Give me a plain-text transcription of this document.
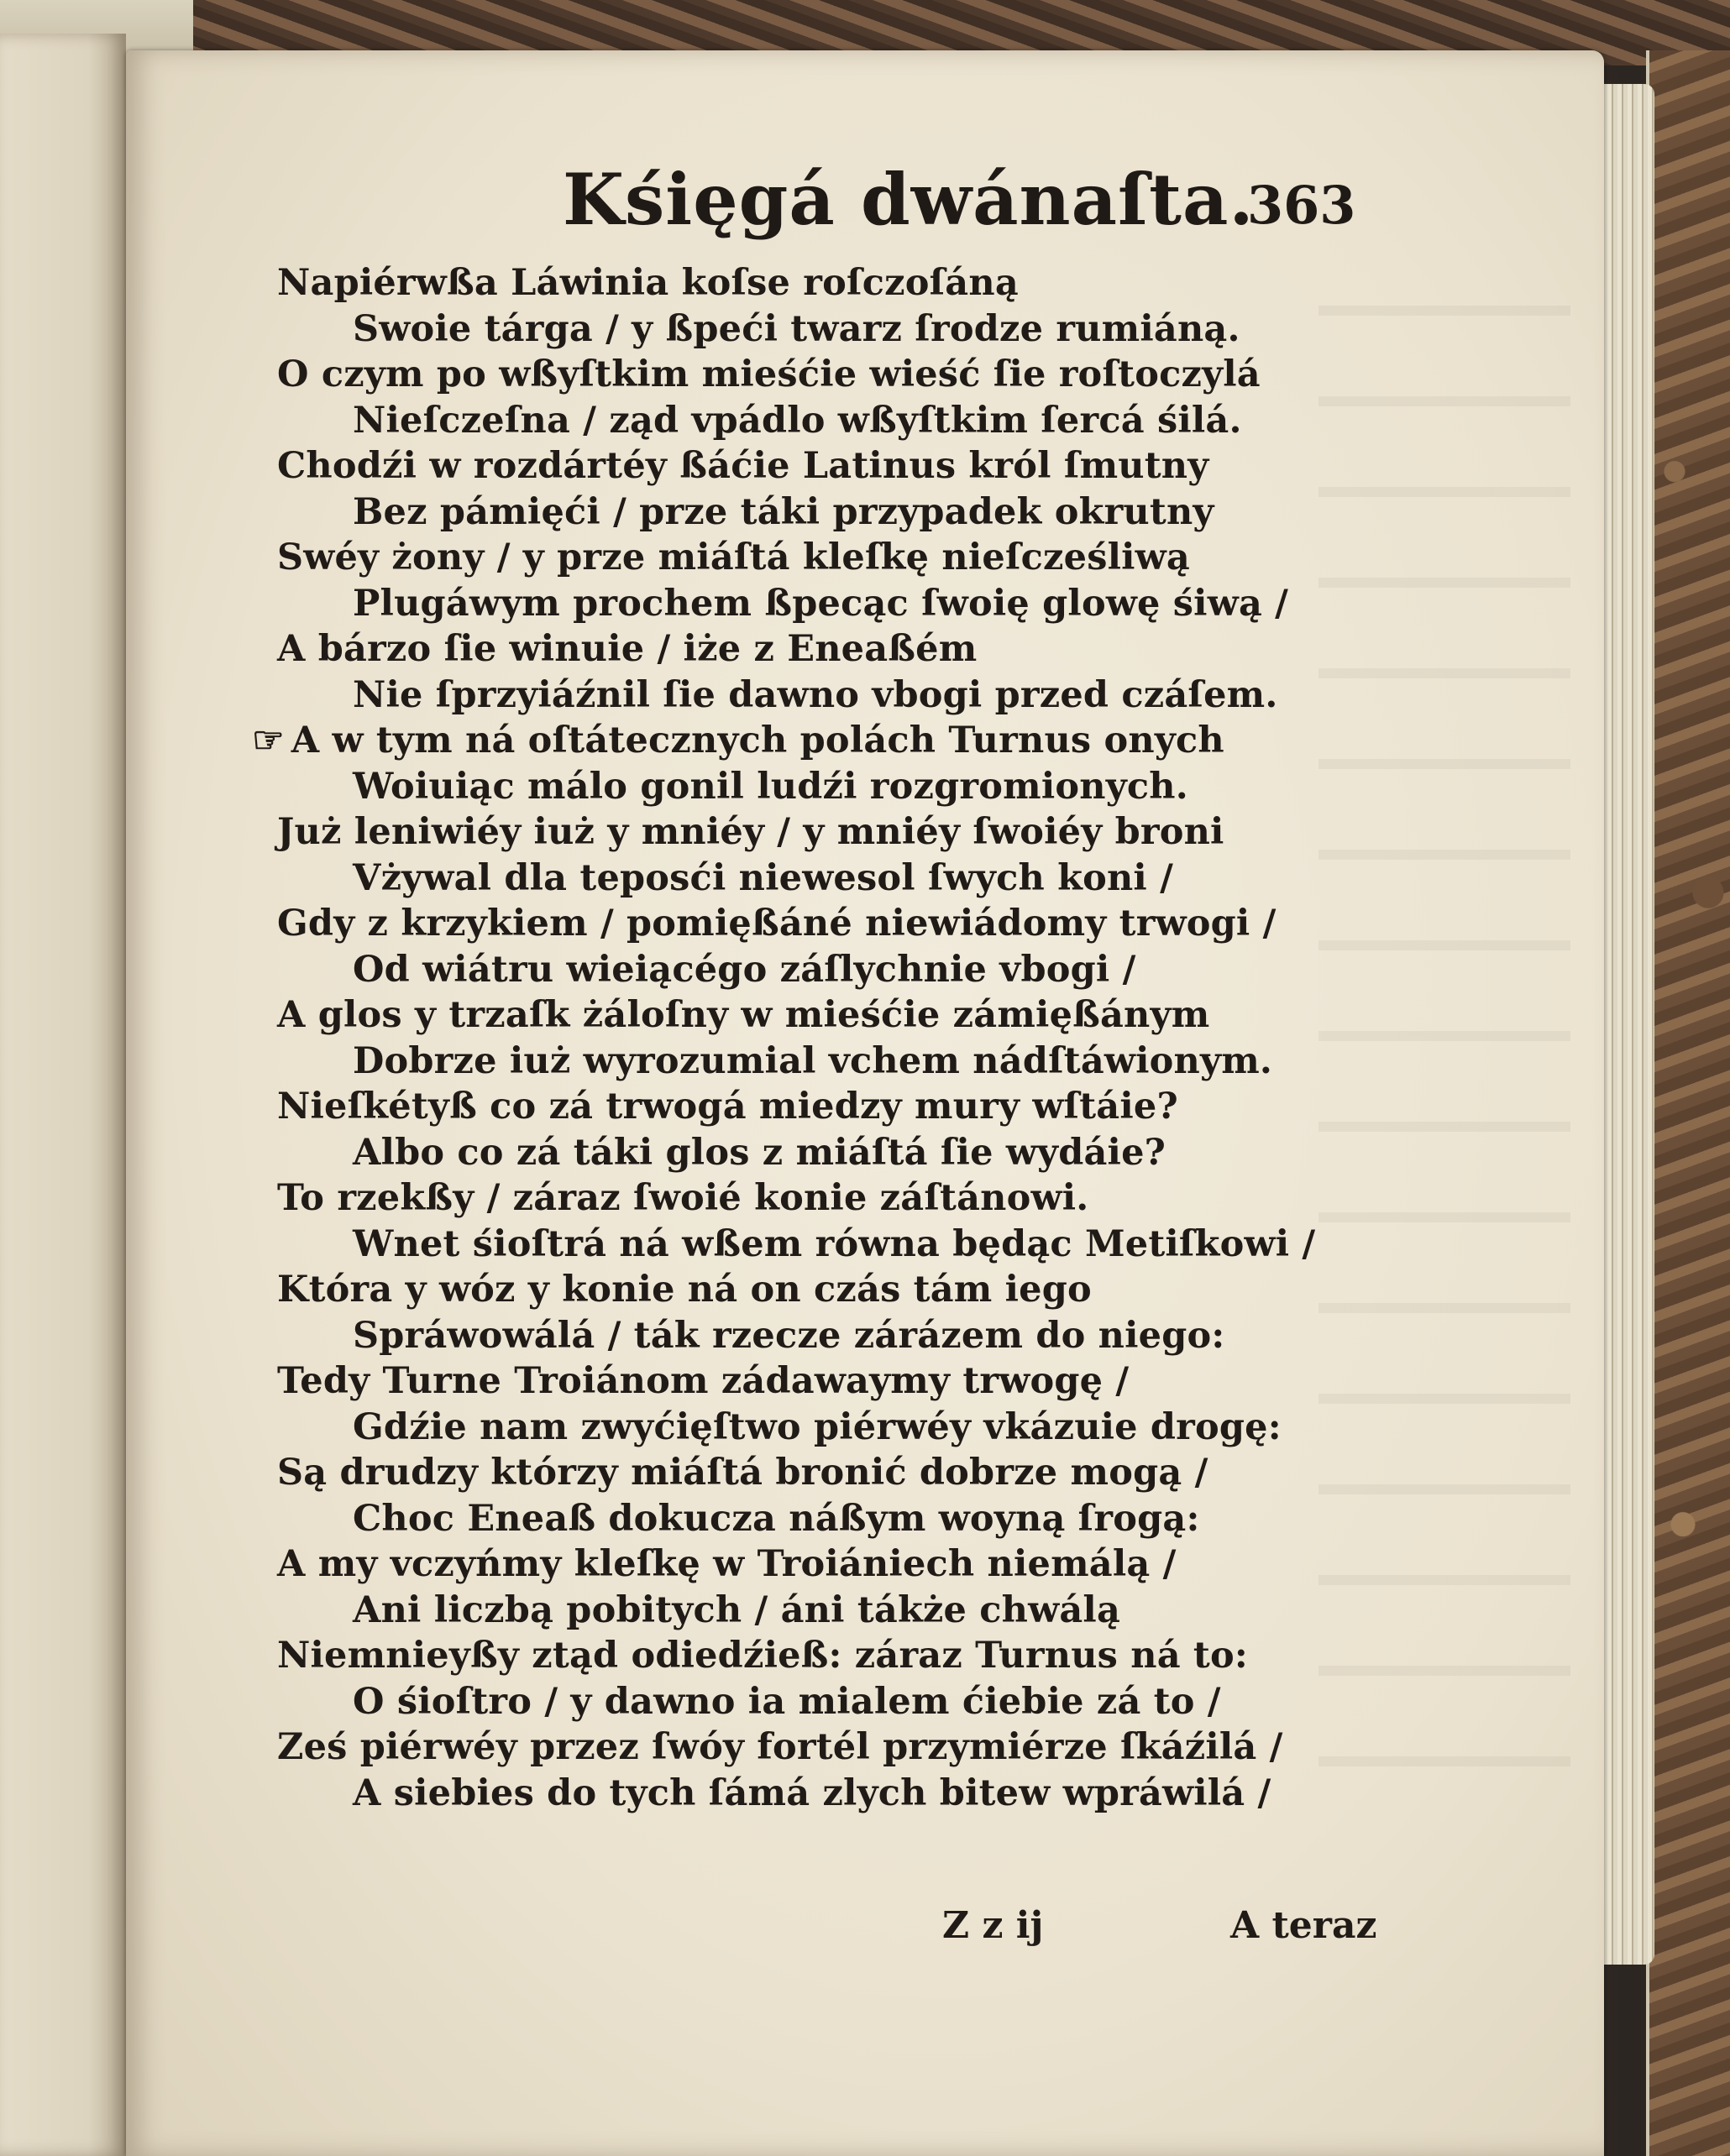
Kśięgá dwánaſta.
363
Napiérwßa Láwinia koſse roſczoſáną
Swoie tárga / y ßpeći twarz ſrodze rumiáną.
O czym po wßyſtkim mieśćie wieść ſie roſtoczylá
Nieſczeſna / ząd vpádlo wßyſtkim ſercá śilá.
Chodźi w rozdártéy ßáćie Latinus król ſmutny
Bez pámięći / prze táki przypadek okrutny
Swéy żony / y prze miáſtá kleſkę nieſcześliwą
Plugáwym prochem ßpecąc ſwoię glowę śiwą /
A bárzo ſie winuie / iże z Eneaßém
Nie ſprzyiáźnil ſie dawno vbogi przed czáſem.
☞ A w tym ná oſtátecznych polách Turnus onych
Woiuiąc málo gonil ludźi rozgromionych.
Już leniwiéy iuż y mniéy / y mniéy ſwoiéy broni
Vżywal dla teposći niewesol ſwych koni /
Gdy z krzykiem / pomięßáné niewiádomy trwogi /
Od wiátru wieiącégo záſlychnie vbogi /
A glos y trzaſk żáloſny w mieśćie zámięßánym
Dobrze iuż wyrozumial vchem nádſtáwionym.
Nieſkétyß co zá trwogá miedzy mury wſtáie?
Albo co zá táki glos z miáſtá ſie wydáie?
To rzekßy / záraz ſwoié konie záſtánowi.
Wnet śioſtrá ná wßem równa będąc Metiſkowi /
Która y wóz y konie ná on czás tám iego
Spráwowálá / ták rzecze zárázem do niego:
Tedy Turne Troiánom zádawaymy trwogę /
Gdźie nam zwyćięſtwo piérwéy vkázuie drogę:
Są drudzy którzy miáſtá bronić dobrze mogą /
Choc Eneaß dokucza náßym woyną ſrogą:
A my vczyńmy kleſkę w Troiániech niemálą /
Ani liczbą pobitych / áni tákże chwálą
Niemnieyßy ztąd odiedźieß: záraz Turnus ná to:
O śioſtro / y dawno ia mialem ćiebie zá to /
Ześ piérwéy przez ſwóy fortél przymiérze ſkáźilá /
A siebies do tych ſámá zlych bitew wpráwilá /
Z z ij	A teraz
